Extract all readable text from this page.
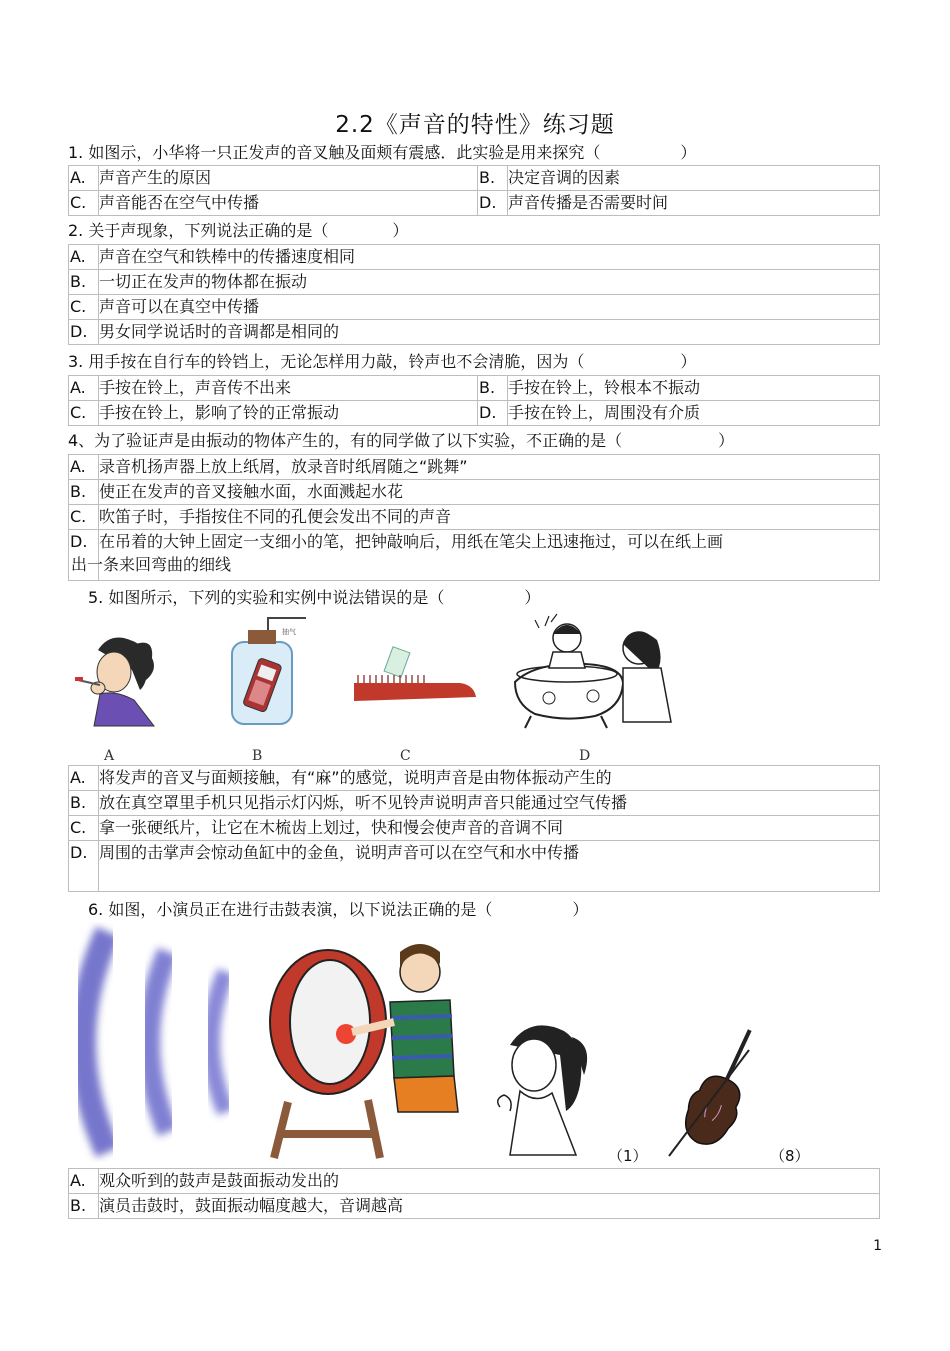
2.2《声音的特性》练习题
1. 如图示，小华将一只正发声的音叉触及面颊有震感．此实验是用来探究（　　　　　）
A.	声音产生的原因	B.	决定音调的因素
C.	声音能否在空气中传播	D.	声音传播是否需要时间
2. 关于声现象，下列说法正确的是（　　　　）
A.	声音在空气和铁棒中的传播速度相同
B.	一切正在发声的物体都在振动
C.	声音可以在真空中传播
D.	男女同学说话时的音调都是相同的
3. 用手按在自行车的铃铛上，无论怎样用力敲，铃声也不会清脆，因为（　　　　　　）
A.	手按在铃上，声音传不出来	B.	手按在铃上，铃根本不振动
C.	手按在铃上，影响了铃的正常振动	D.	手按在铃上，周围没有介质
4、为了验证声是由振动的物体产生的，有的同学做了以下实验，不正确的是（　　　　　　）
A.	录音机扬声器上放上纸屑，放录音时纸屑随之“跳舞”
B.	使正在发声的音叉接触水面，水面溅起水花
C.	吹笛子时，手指按住不同的孔便会发出不同的声音
D.	在吊着的大钟上固定一支细小的笔，把钟敲响后，用纸在笔尖上迅速拖过，可以在纸上画
出一条来回弯曲的细线
5. 如图所示，下列的实验和实例中说法错误的是（　　　　　）
抽气
A	B	C	D
A.	将发声的音叉与面颊接触，有“麻”的感觉，说明声音是由物体振动产生的
B.	放在真空罩里手机只见指示灯闪烁，听不见铃声说明声音只能通过空气传播
C.	拿一张硬纸片，让它在木梳齿上划过，快和慢会使声音的音调不同
D.	周围的击掌声会惊动鱼缸中的金鱼，说明声音可以在空气和水中传播
6. 如图，小演员正在进行击鼓表演，以下说法正确的是（　　　　　）
（1）	（8）
A.	观众听到的鼓声是鼓面振动发出的
B.	演员击鼓时，鼓面振动幅度越大，音调越高
1
